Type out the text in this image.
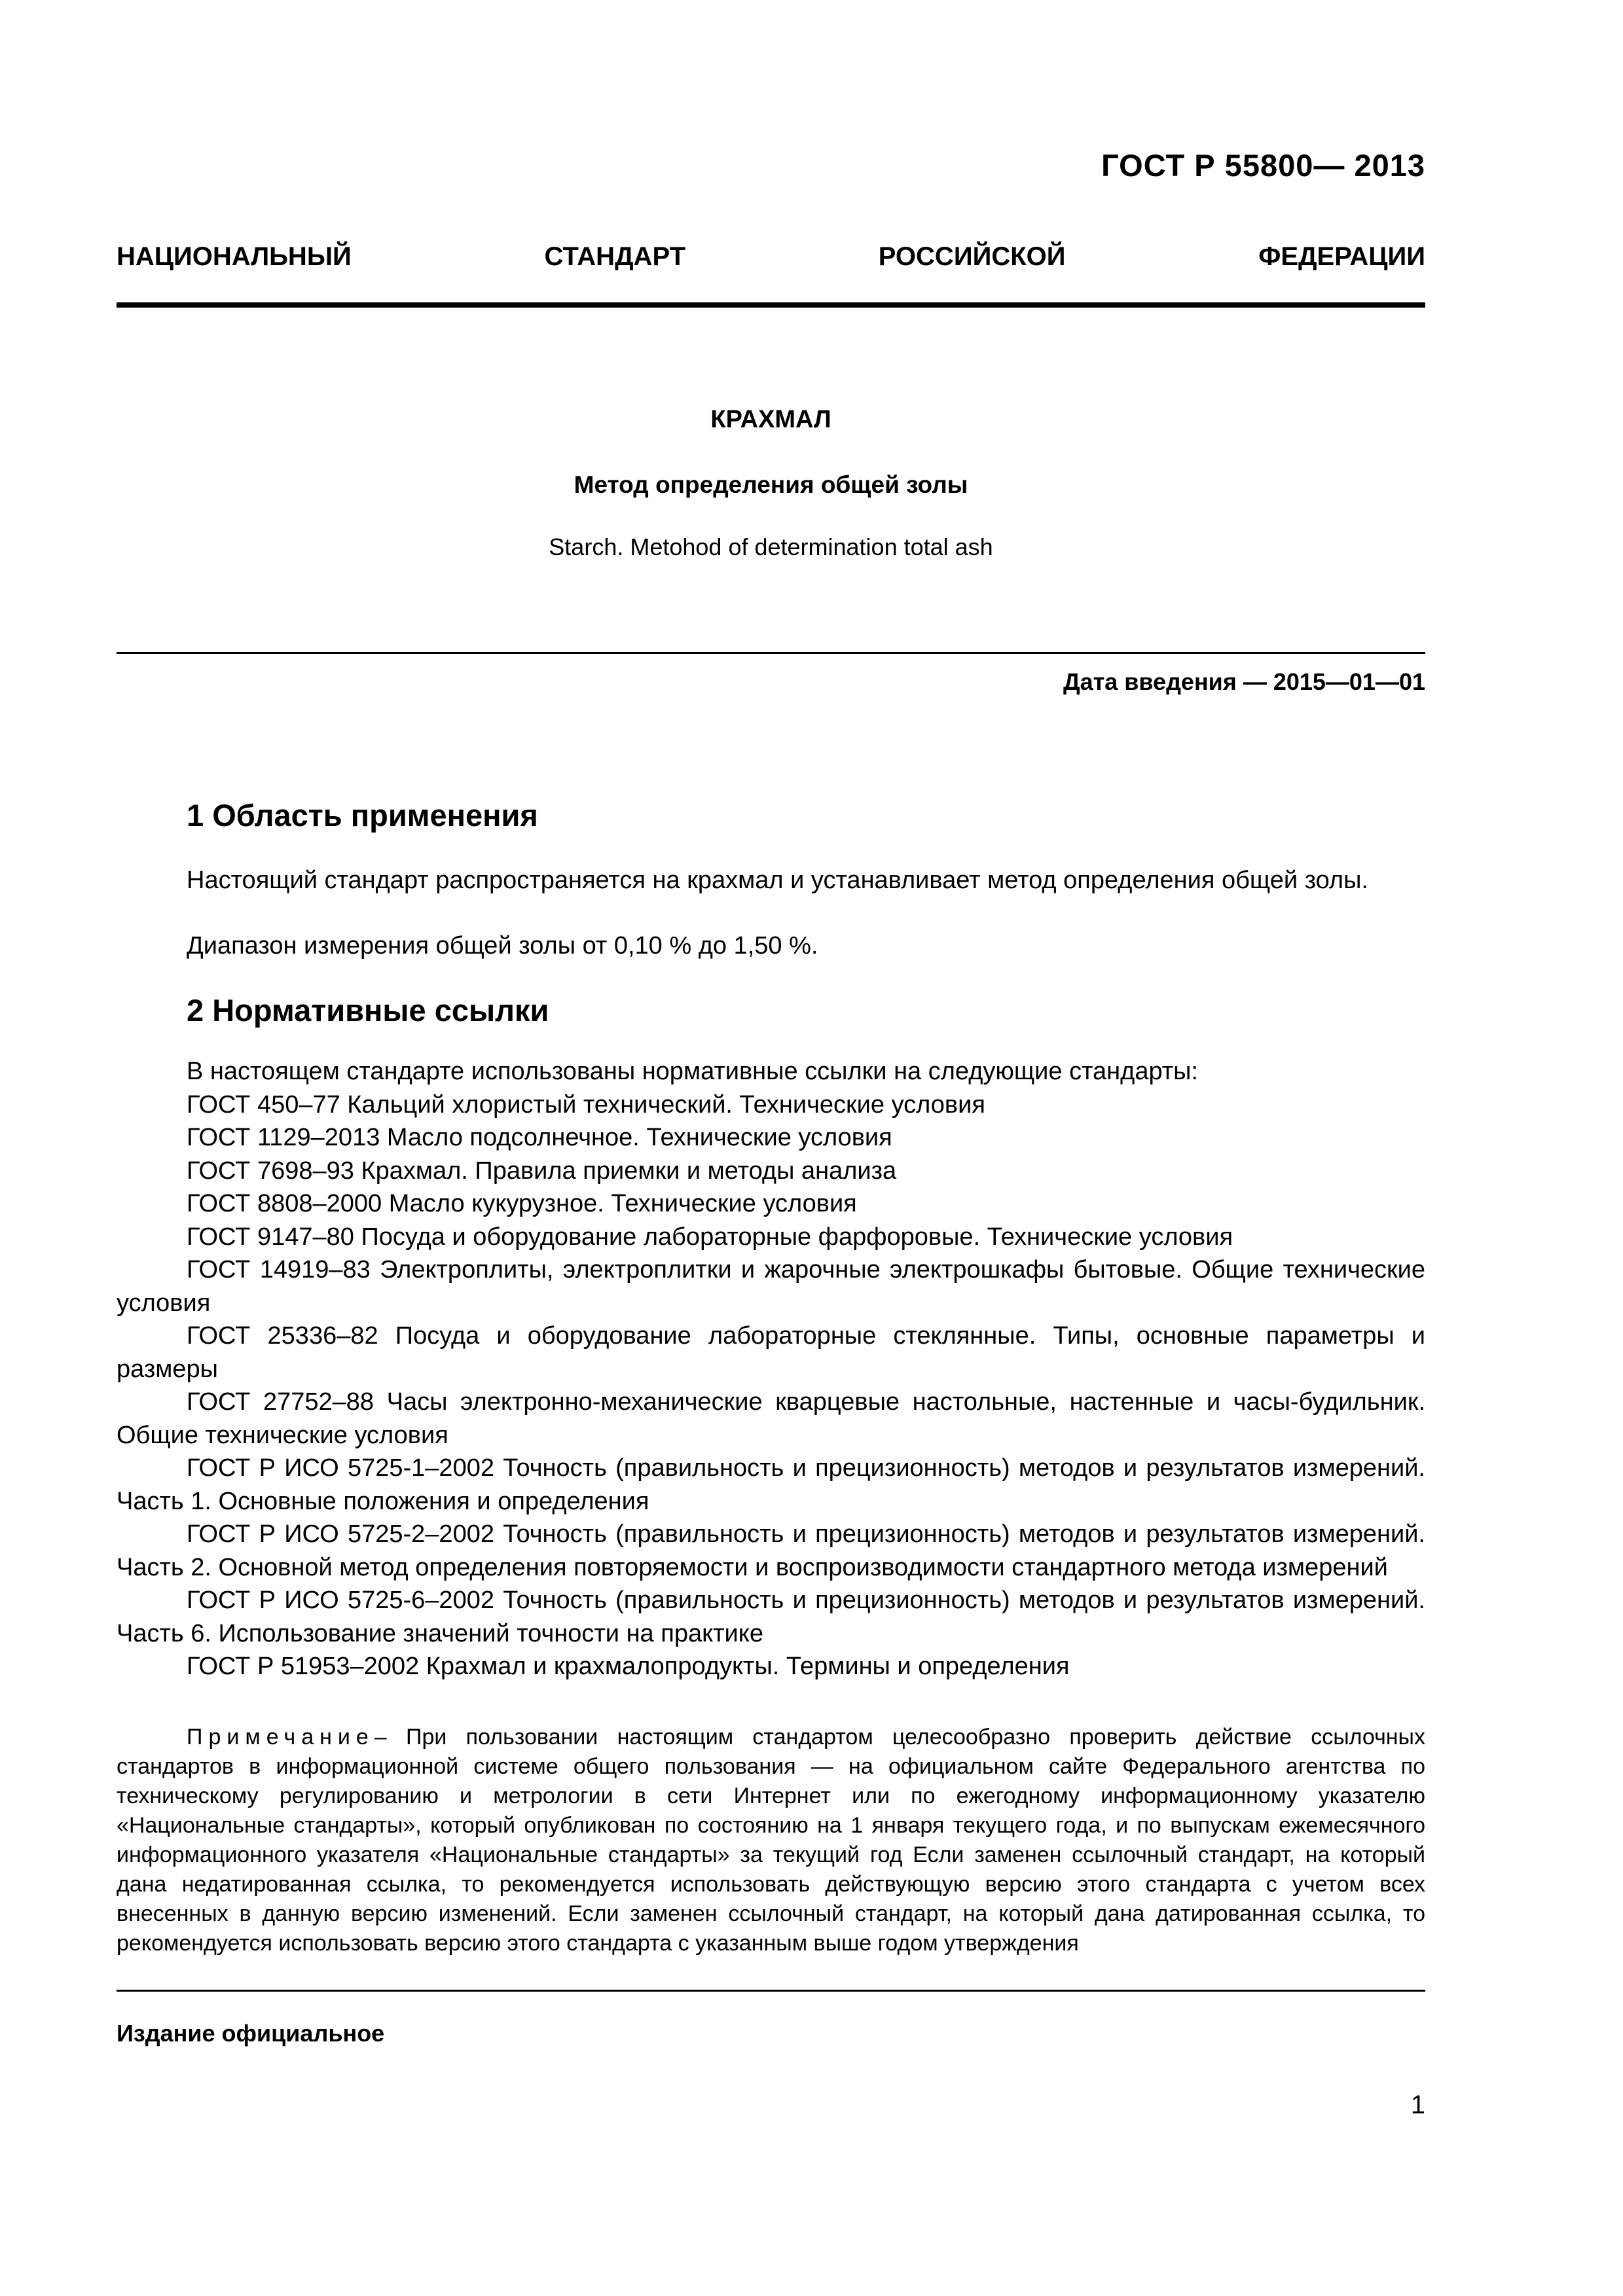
ГОСТ Р 55800— 2013
НАЦИОНАЛЬНЫЙ	СТАНДАРТ	РОССИЙСКОЙ	ФЕДЕРАЦИИ
КРАХМАЛ
Метод определения общей золы
Starch. Metohod of determination total ash
Дата введения — 2015—01—01
1 Область применения
Настоящий стандарт распространяется на крахмал и устанавливает метод определения общей золы.
Диапазон измерения общей золы от 0,10 % до 1,50 %.
2 Нормативные ссылки

В настоящем стандарте использованы нормативные ссылки на следующие стандарты:

ГОСТ 450–77 Кальций хлористый технический. Технические условия

ГОСТ 1129–2013 Масло подсолнечное. Технические условия

ГОСТ 7698–93 Крахмал. Правила приемки и методы анализа

ГОСТ 8808–2000 Масло кукурузное. Технические условия

ГОСТ 9147–80 Посуда и оборудование лабораторные фарфоровые. Технические условия

ГОСТ 14919–83 Электроплиты, электроплитки и жарочные электрошкафы бытовые. Общие технические условия

ГОСТ 25336–82 Посуда и оборудование лабораторные стеклянные. Типы, основные параметры и размеры

ГОСТ 27752–88 Часы электронно-механические кварцевые настольные, настенные и часы-будильник. Общие технические условия

ГОСТ Р ИСО 5725-1–2002 Точность (правильность и прецизионность) методов и результатов измерений. Часть 1. Основные положения и определения

ГОСТ Р ИСО 5725-2–2002 Точность (правильность и прецизионность) методов и результатов измерений. Часть 2. Основной метод определения повторяемости и воспроизводимости стандартного метода измерений

ГОСТ Р ИСО 5725-6–2002 Точность (правильность и прецизионность) методов и результатов измерений. Часть 6. Использование значений точности на практике

ГОСТ Р 51953–2002 Крахмал и крахмалопродукты. Термины и определения

Примечание– При пользовании настоящим стандартом целесообразно проверить действие ссылочных стандартов в информационной системе общего пользования — на официальном сайте Федерального агентства по техническому регулированию и метрологии в сети Интернет или по ежегодному информационному указателю «Национальные стандарты», который опубликован по состоянию на 1 января текущего года, и по выпускам ежемесячного информационного указателя «Национальные стандарты» за текущий год Если заменен ссылочный стандарт, на который дана недатированная ссылка, то рекомендуется использовать действующую версию этого стандарта с учетом всех внесенных в данную версию изменений. Если заменен ссылочный стандарт, на который дана датированная ссылка, то рекомендуется использовать версию этого стандарта с указанным выше годом утверждения

Издание официальное
1
